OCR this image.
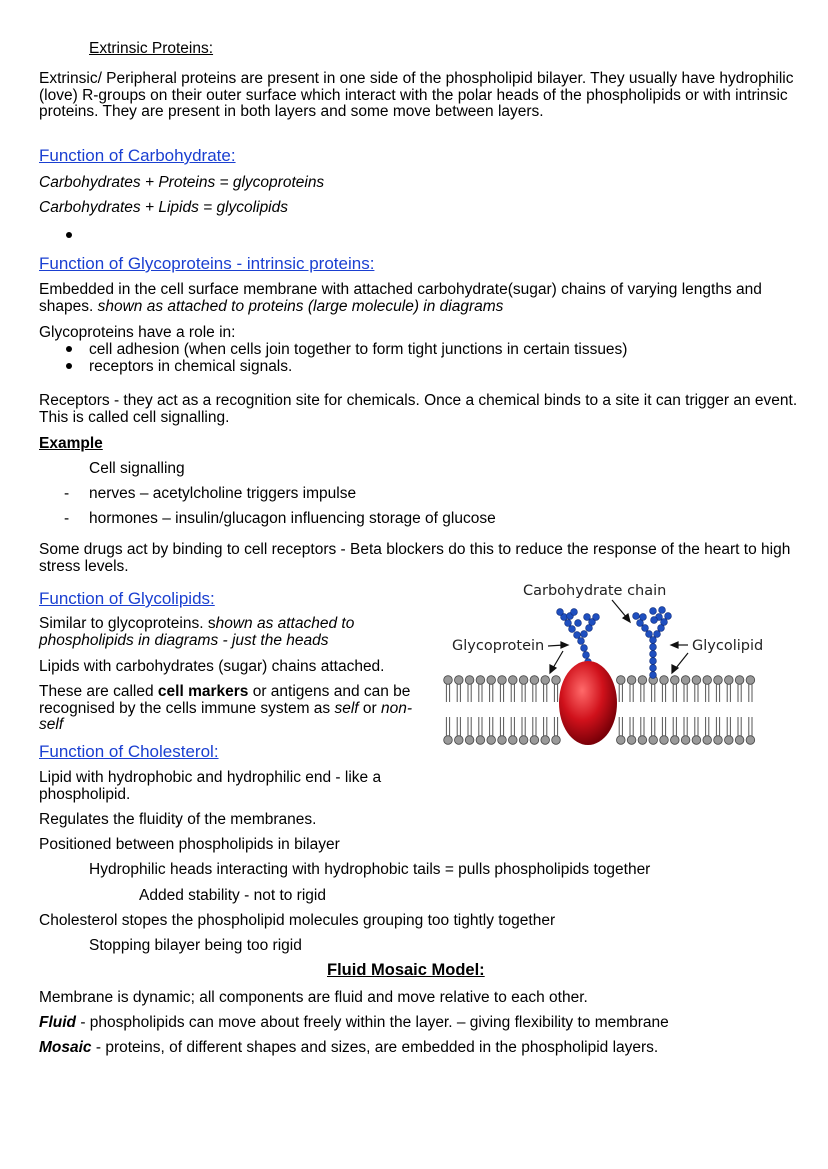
Extrinsic Proteins:
Extrinsic/ Peripheral proteins are present in one side of the phospholipid bilayer. They usually have hydrophilic (love) R-groups on their outer surface which interact with the polar heads of the phospholipids or with intrinsic proteins. They are present in both layers and some move between layers.
Function of Carbohydrate:
Carbohydrates + Proteins = glycoproteins
Carbohydrates + Lipids = glycolipids
Function of Glycoproteins - intrinsic proteins:
Embedded in the cell surface membrane with attached carbohydrate(sugar) chains of varying lengths and shapes. shown as attached to proteins (large molecule) in diagrams
Glycoproteins have a role in:
cell adhesion (when cells join together to form tight junctions in certain tissues)
receptors in chemical signals.
Receptors - they act as a recognition site for chemicals. Once a chemical binds to a site it can trigger an event. This is called cell signalling.
Example
Cell signalling
- nerves – acetylcholine triggers impulse
- hormones – insulin/glucagon influencing storage of glucose
Some drugs act by binding to cell receptors - Beta blockers do this to reduce the response of the heart to high stress levels.
Function of Glycolipids:
Similar to glycoproteins. shown as attached to phospholipids in diagrams - just the heads
Lipids with carbohydrates (sugar) chains attached.
These are called cell markers or antigens and can be recognised by the cells immune system as self or non-self
Carbohydrate chain
Glycoprotein	Glycolipid
Function of Cholesterol:
Lipid with hydrophobic and hydrophilic end - like a phospholipid.
Regulates the fluidity of the membranes.
Positioned between phospholipids in bilayer
Hydrophilic heads interacting with hydrophobic tails = pulls phospholipids together
Added stability - not to rigid
Cholesterol stopes the phospholipid molecules grouping too tightly together
Stopping bilayer being too rigid
Fluid Mosaic Model:
Membrane is dynamic; all components are fluid and move relative to each other.
Fluid - phospholipids can move about freely within the layer. – giving flexibility to membrane
Mosaic - proteins, of different shapes and sizes, are embedded in the phospholipid layers.
